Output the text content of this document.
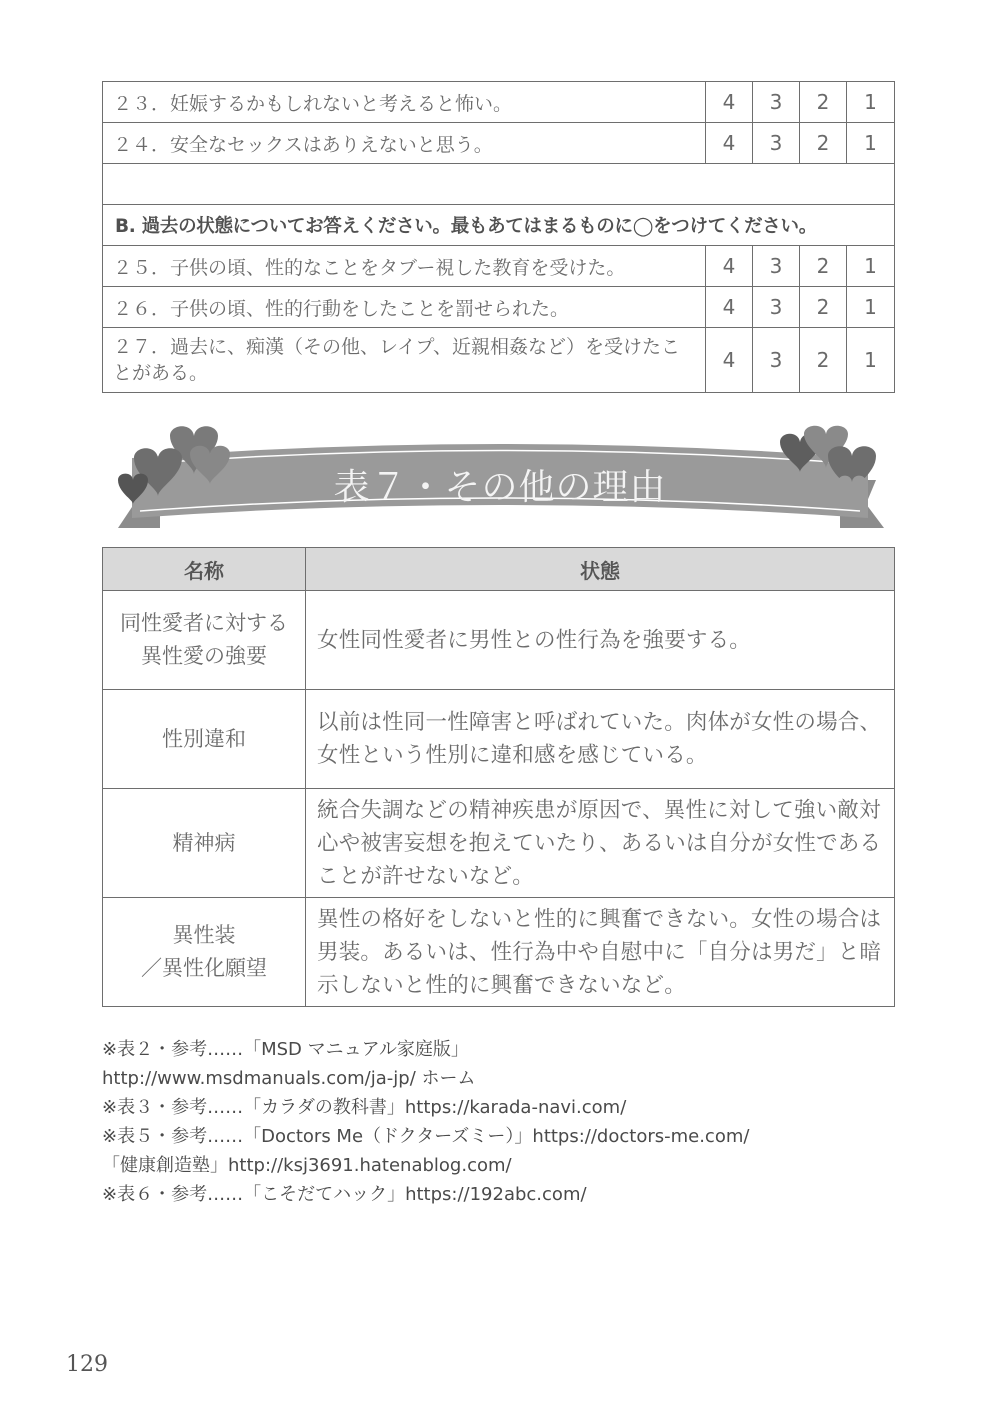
２３．妊娠するかもしれないと考えると怖い。	4	3	2	1
２４．安全なセックスはありえないと思う。	4	3	2	1

B. 過去の状態についてお答えください。最もあてはまるものに◯をつけてください。				
２５．子供の頃、性的なことをタブー視した教育を受けた。	4	3	2	1
２６．子供の頃、性的行動をしたことを罰せられた。	4	3	2	1
２７．過去に、痴漢（その他、レイプ、近親相姦など）を受けたことがある。	4	3	2	1
表７・その他の理由
名称	状態

同性愛者に対する
異性愛の強要	女性同性愛者に男性との性行為を強要する。

性別違和	以前は性同一性障害と呼ばれていた。肉体が女性の場合、女性という性別に違和感を感じている。

精神病	統合失調などの精神疾患が原因で、異性に対して強い敵対心や被害妄想を抱えていたり、あるいは自分が女性であることが許せないなど。

異性装
／異性化願望	異性の格好をしないと性的に興奮できない。女性の場合は男装。あるいは、性行為中や自慰中に「自分は男だ」と暗示しないと性的に興奮できないなど。
※表２・参考……「MSD マニュアル家庭版」
http://www.msdmanuals.com/ja-jp/ ホーム
※表３・参考……「カラダの教科書」https://karada-navi.com/
※表５・参考……「Doctors Me（ドクターズミー）」https://doctors-me.com/
「健康創造塾」http://ksj3691.hatenablog.com/
※表６・参考……「こそだてハック」https://192abc.com/
129
